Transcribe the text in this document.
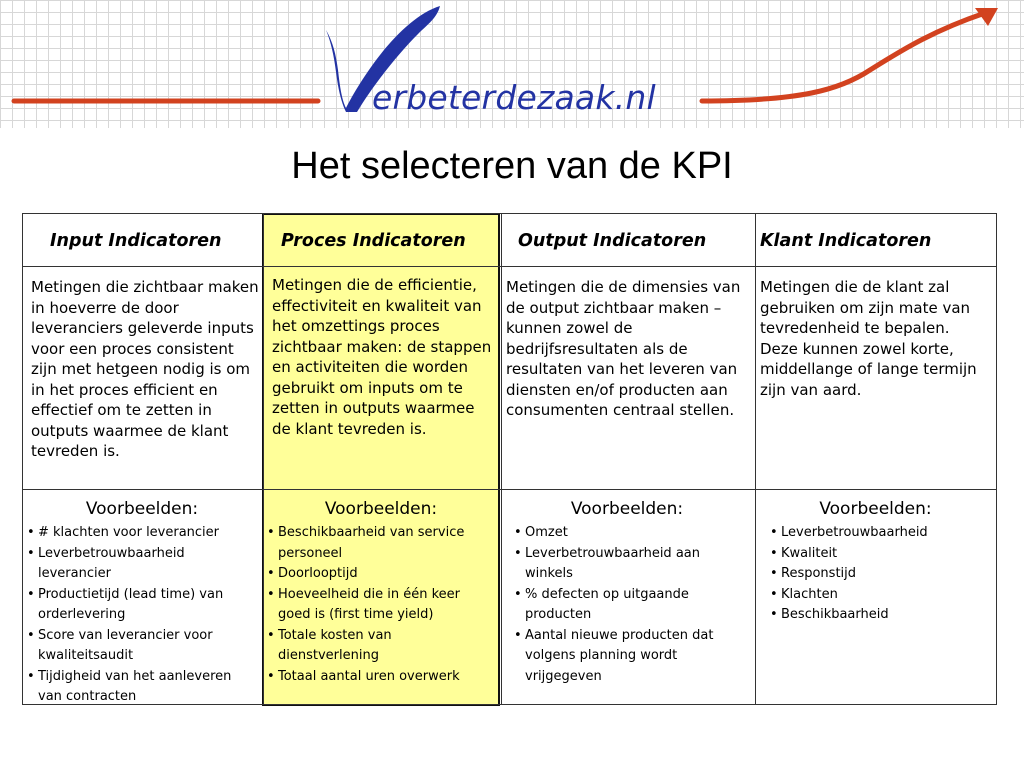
erbeterdezaak.nl
Het selecteren van de KPI
Input Indicatoren
Metingen die zichtbaar maken in hoeverre de door leveranciers geleverde inputs voor een proces consistent zijn met hetgeen nodig is om in het proces efficient en effectief om te zetten in outputs waarmee de klant tevreden is.
Voorbeelden:
• # klachten voor leverancier
• Leverbetrouwbaarheid leverancier
• Productietijd (lead time) van orderlevering
• Score van leverancier voor kwaliteitsaudit
• Tijdigheid van het aanleveren van contracten
Proces Indicatoren
Metingen die de efficientie, effectiviteit en kwaliteit van het omzettings proces zichtbaar maken: de stappen en activiteiten die worden gebruikt om inputs om te zetten in outputs waarmee de klant tevreden is.
Voorbeelden:
• Beschikbaarheid van service personeel
• Doorlooptijd
• Hoeveelheid die in één keer goed is (first time yield)
• Totale kosten van dienstverlening
• Totaal aantal uren overwerk
Output Indicatoren
Metingen die de dimensies van de output zichtbaar maken – kunnen zowel de bedrijfsresultaten als de resultaten van het leveren van diensten en/of producten aan consumenten centraal stellen.
Voorbeelden:
• Omzet
• Leverbetrouwbaarheid aan winkels
• % defecten op uitgaande producten
• Aantal nieuwe producten dat volgens planning wordt vrijgegeven
Klant Indicatoren
Metingen die de klant zal gebruiken om zijn mate van tevredenheid te bepalen. Deze kunnen zowel korte, middellange of lange termijn zijn van aard.
Voorbeelden:
• Leverbetrouwbaarheid
• Kwaliteit
• Responstijd
• Klachten
• Beschikbaarheid
